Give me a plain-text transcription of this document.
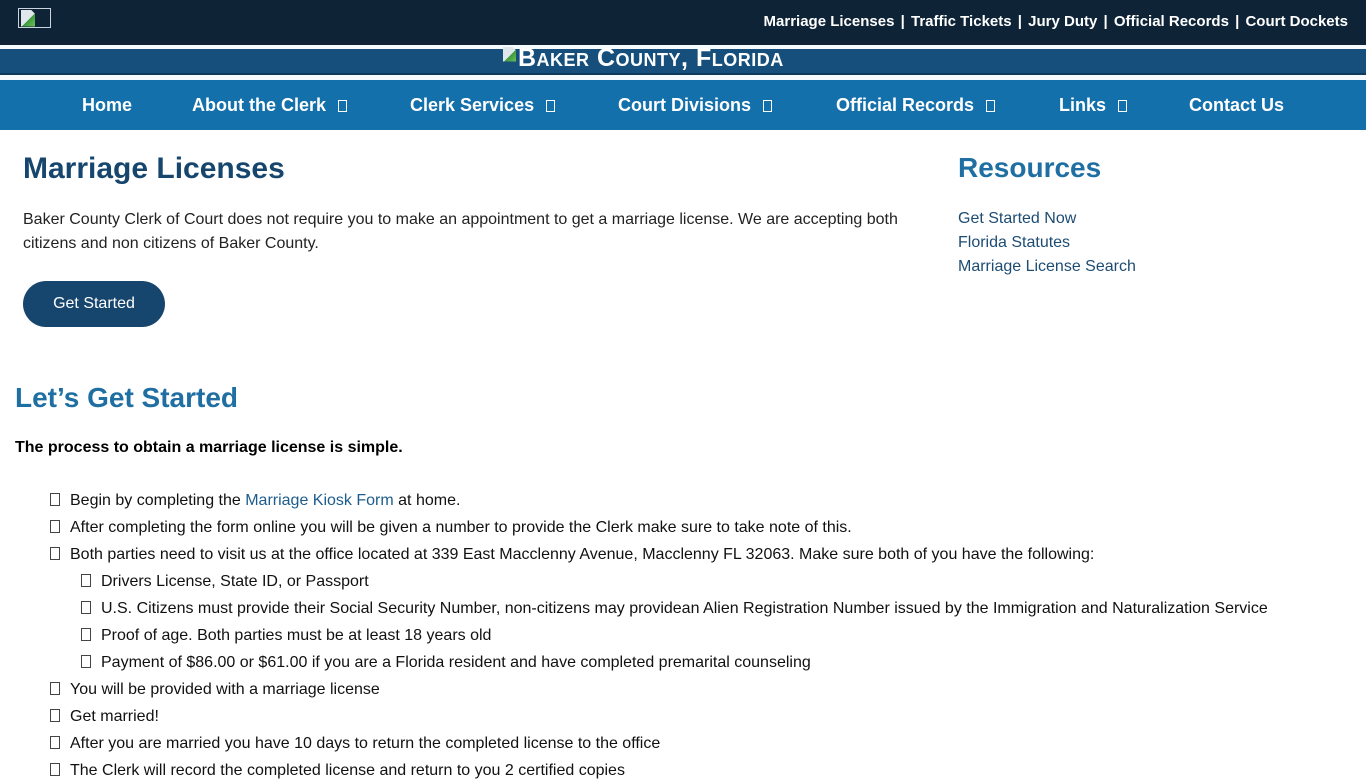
Marriage Licenses | Traffic Tickets | Jury Duty | Official Records | Court Dockets
Baker County, Florida
Home	About the Clerk	Clerk Services	Court Divisions	Official Records	Links	Contact Us
Marriage Licenses

Baker County Clerk of Court does not require you to make an appointment to get a marriage license. We are accepting both citizens and non citizens of Baker County.

Get Started
Resources
Get Started Now
Florida Statutes
Marriage License Search
Let’s Get Started

The process to obtain a marriage license is simple.

Begin by completing the Marriage Kiosk Form at home.
After completing the form online you will be given a number to provide the Clerk make sure to take note of this.
Both parties need to visit us at the office located at 339 East Macclenny Avenue, Macclenny FL 32063. Make sure both of you have the following:
Drivers License, State ID, or Passport
U.S. Citizens must provide their Social Security Number, non-citizens may providean Alien Registration Number issued by the Immigration and Naturalization Service
Proof of age. Both parties must be at least 18 years old
Payment of $86.00 or $61.00 if you are a Florida resident and have completed premarital counseling
You will be provided with a marriage license
Get married!
After you are married you have 10 days to return the completed license to the office
The Clerk will record the completed license and return to you 2 certified copies
